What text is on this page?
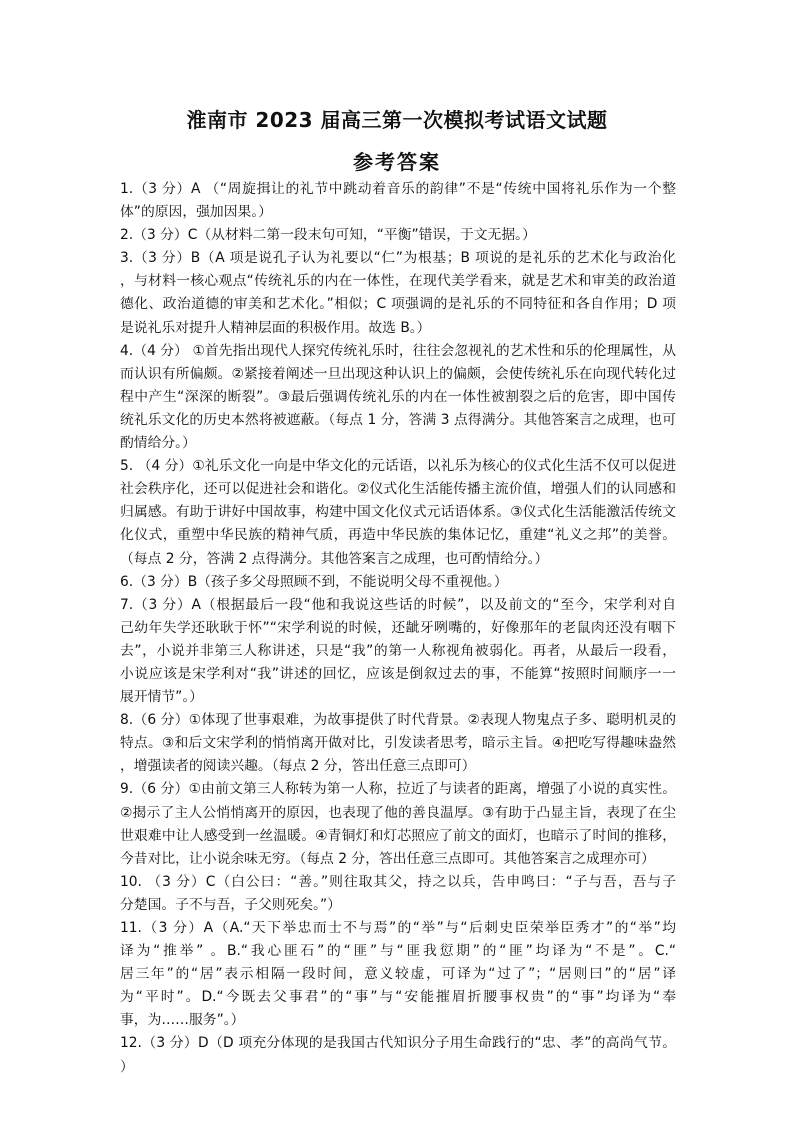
淮南市 2023 届高三第一次模拟考试语文试题
参考答案
1.（3 分）A （“周旋揖让的礼节中跳动着音乐的韵律”不是“传统中国将礼乐作为一个整
体”的原因，强加因果。）
2.（3 分）C（从材料二第一段末句可知，“平衡”错误，于文无据。）
3.（3 分）B（A 项是说孔子认为礼要以“仁”为根基；B 项说的是礼乐的艺术化与政治化
，与材料一核心观点“传统礼乐的内在一体性，在现代美学看来，就是艺术和审美的政治道
德化、政治道德的审美和艺术化。”相似；C 项强调的是礼乐的不同特征和各自作用；D 项
是说礼乐对提升人精神层面的积极作用。故选 B。）
4.（4 分） ①首先指出现代人探究传统礼乐时，往往会忽视礼的艺术性和乐的伦理属性，从
而认识有所偏颇。②紧接着阐述一旦出现这种认识上的偏颇，会使传统礼乐在向现代转化过
程中产生“深深的断裂”。③最后强调传统礼乐的内在一体性被割裂之后的危害，即中国传
统礼乐文化的历史本然将被遮蔽。（每点 1 分，答满 3 点得满分。其他答案言之成理，也可
酌情给分。）
5. （4 分）①礼乐文化一向是中华文化的元话语，以礼乐为核心的仪式化生活不仅可以促进
社会秩序化，还可以促进社会和谐化。②仪式化生活能传播主流价值，增强人们的认同感和
归属感。有助于讲好中国故事，构建中国文化仪式元话语体系。③仪式化生活能激活传统文
化仪式，重塑中华民族的精神气质，再造中华民族的集体记忆，重建“礼义之邦”的美誉。
（每点 2 分，答满 2 点得满分。其他答案言之成理，也可酌情给分。）
6.（3 分）B（孩子多父母照顾不到，不能说明父母不重视他。）
7.（3 分）A（根据最后一段“他和我说这些话的时候”，以及前文的“至今，宋学利对自
己幼年失学还耿耿于怀”“宋学利说的时候，还龇牙咧嘴的，好像那年的老鼠肉还没有咽下
去”，小说并非第三人称讲述，只是“我”的第一人称视角被弱化。再者，从最后一段看，
小说应该是宋学利对“我”讲述的回忆，应该是倒叙过去的事，不能算“按照时间顺序一一
展开情节”。）
8.（6 分）①体现了世事艰难，为故事提供了时代背景。②表现人物鬼点子多、聪明机灵的
特点。③和后文宋学利的悄悄离开做对比，引发读者思考，暗示主旨。④把吃写得趣味盎然
，增强读者的阅读兴趣。（每点 2 分，答出任意三点即可）
9.（6 分）①由前文第三人称转为第一人称，拉近了与读者的距离，增强了小说的真实性。
②揭示了主人公悄悄离开的原因，也表现了他的善良温厚。③有助于凸显主旨，表现了在尘
世艰难中让人感受到一丝温暖。④青铜灯和灯芯照应了前文的面灯，也暗示了时间的推移，
今昔对比，让小说余味无穷。（每点 2 分，答出任意三点即可。其他答案言之成理亦可）
10. （3 分）C（白公曰：“善。”则往取其父，持之以兵，告申鸣曰：“子与吾，吾与子
分楚国。子不与吾，子父则死矣。”）
11.（3 分）A（A.“天下举忠而士不与焉”的“举”与“后刺史臣荣举臣秀才”的“举”均
译为“推举” 。B.“我心匪石”的“匪”与“匪我愆期”的“匪”均译为“不是”。C.“
居三年”的“居”表示相隔一段时间，意义较虚，可译为“过了”；“居则曰”的“居”译
为“平时”。D.“今既去父事君”的“事”与“安能摧眉折腰事权贵”的“事”均译为“奉
事，为……服务”。）
12.（3 分）D（D 项充分体现的是我国古代知识分子用生命践行的“忠、孝”的高尚气节。
）
